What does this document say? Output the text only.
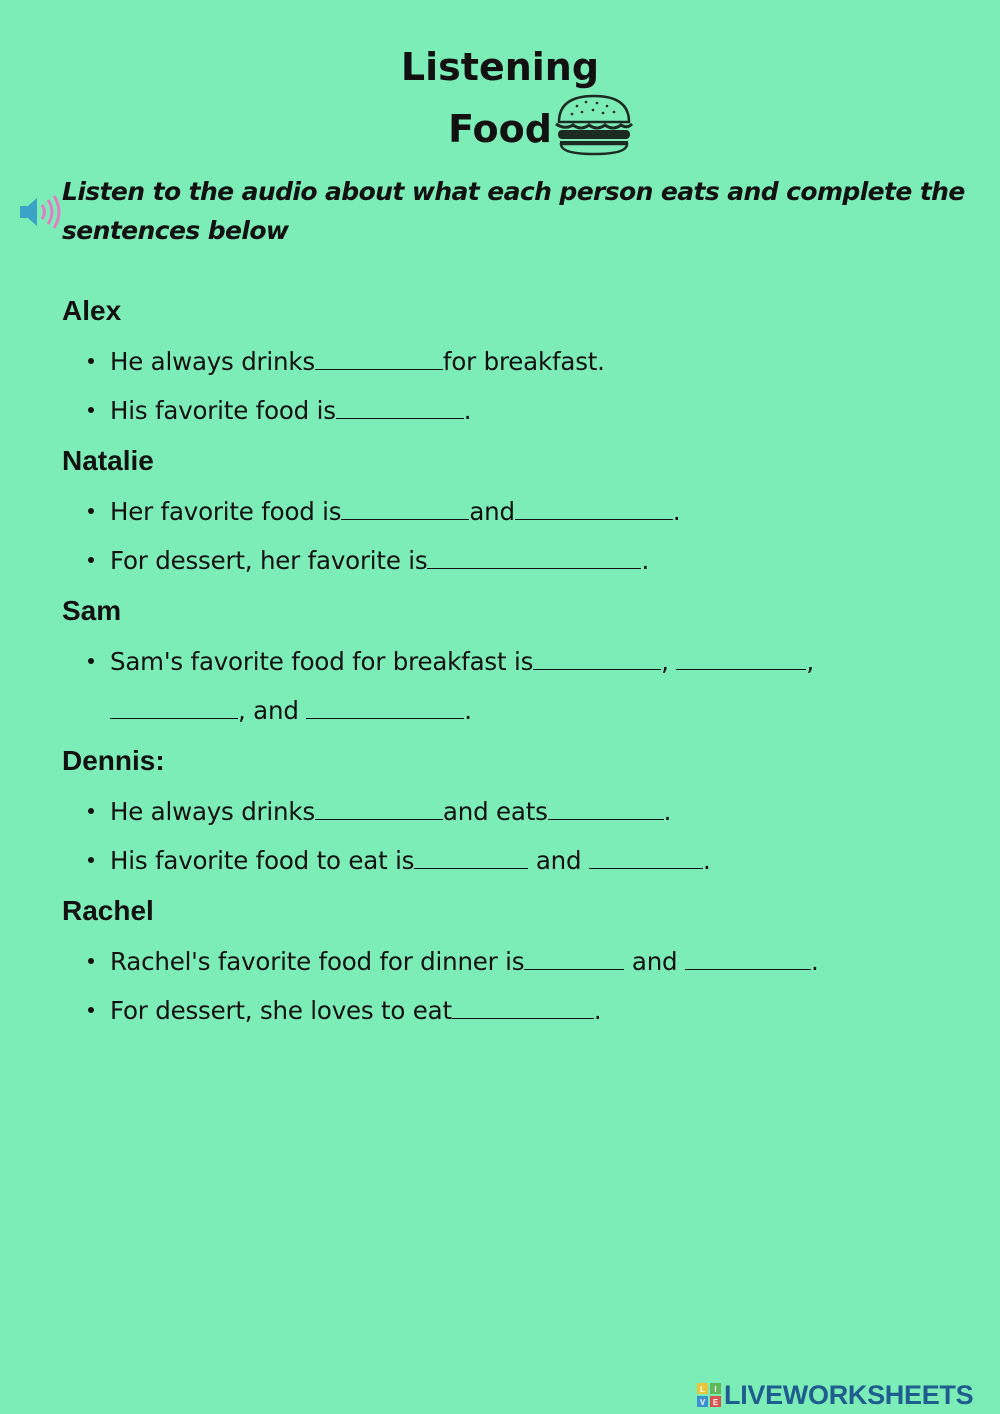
Listening
Food
Listen to the audio about what each person eats and complete the sentences below
Alex
He always drinks	for breakfast.
His favorite food is	.
Natalie
Her favorite food is	and	.
For dessert, her favorite is	.
Sam
Sam's favorite food for breakfast is	,	,
, and	.
Dennis:
He always drinks	and eats	.
His favorite food to eat is	and	.
Rachel
Rachel's favorite food for dinner is	and	.
For dessert, she loves to eat	.
L I
V E LIVEWORKSHEETS
